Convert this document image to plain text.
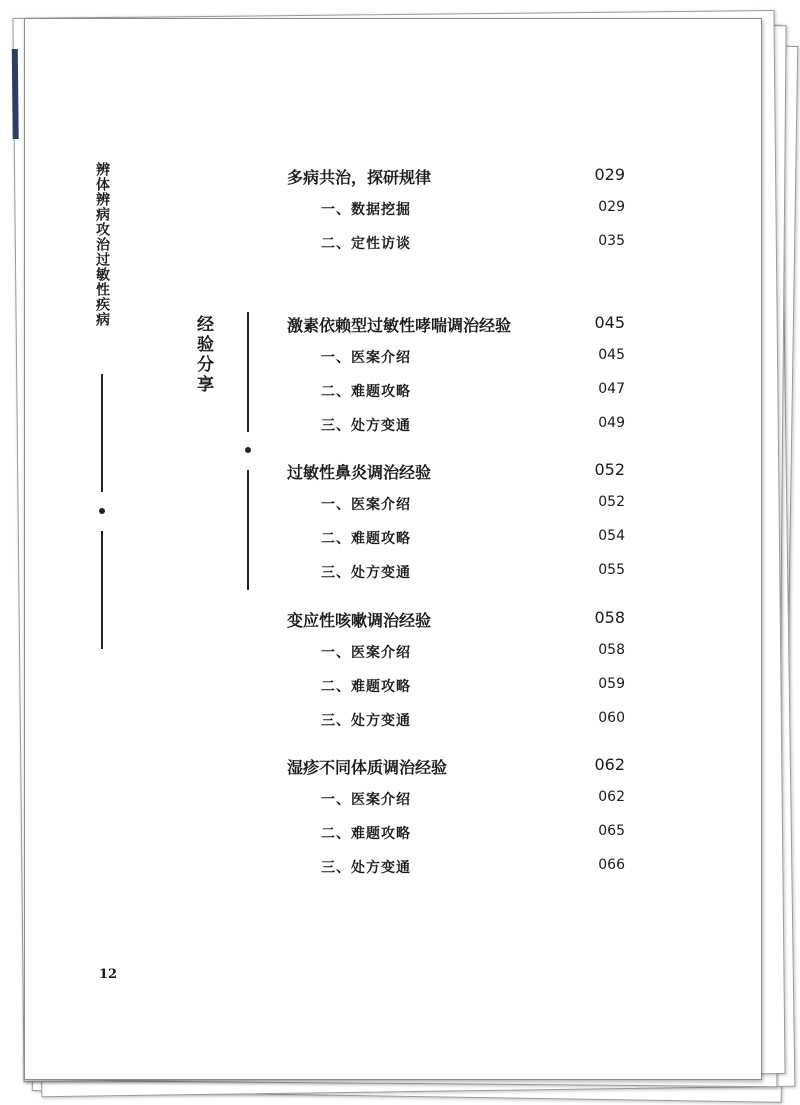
辨体辨病攻治过敏性疾病
经验分享
多病共治，探研规律	029
一、数据挖掘	029
二、定性访谈	035
激素依赖型过敏性哮喘调治经验	045
一、医案介绍	045
二、难题攻略	047
三、处方变通	049
过敏性鼻炎调治经验	052
一、医案介绍	052
二、难题攻略	054
三、处方变通	055
变应性咳嗽调治经验	058
一、医案介绍	058
二、难题攻略	059
三、处方变通	060
湿疹不同体质调治经验	062
一、医案介绍	062
二、难题攻略	065
三、处方变通	066
12
